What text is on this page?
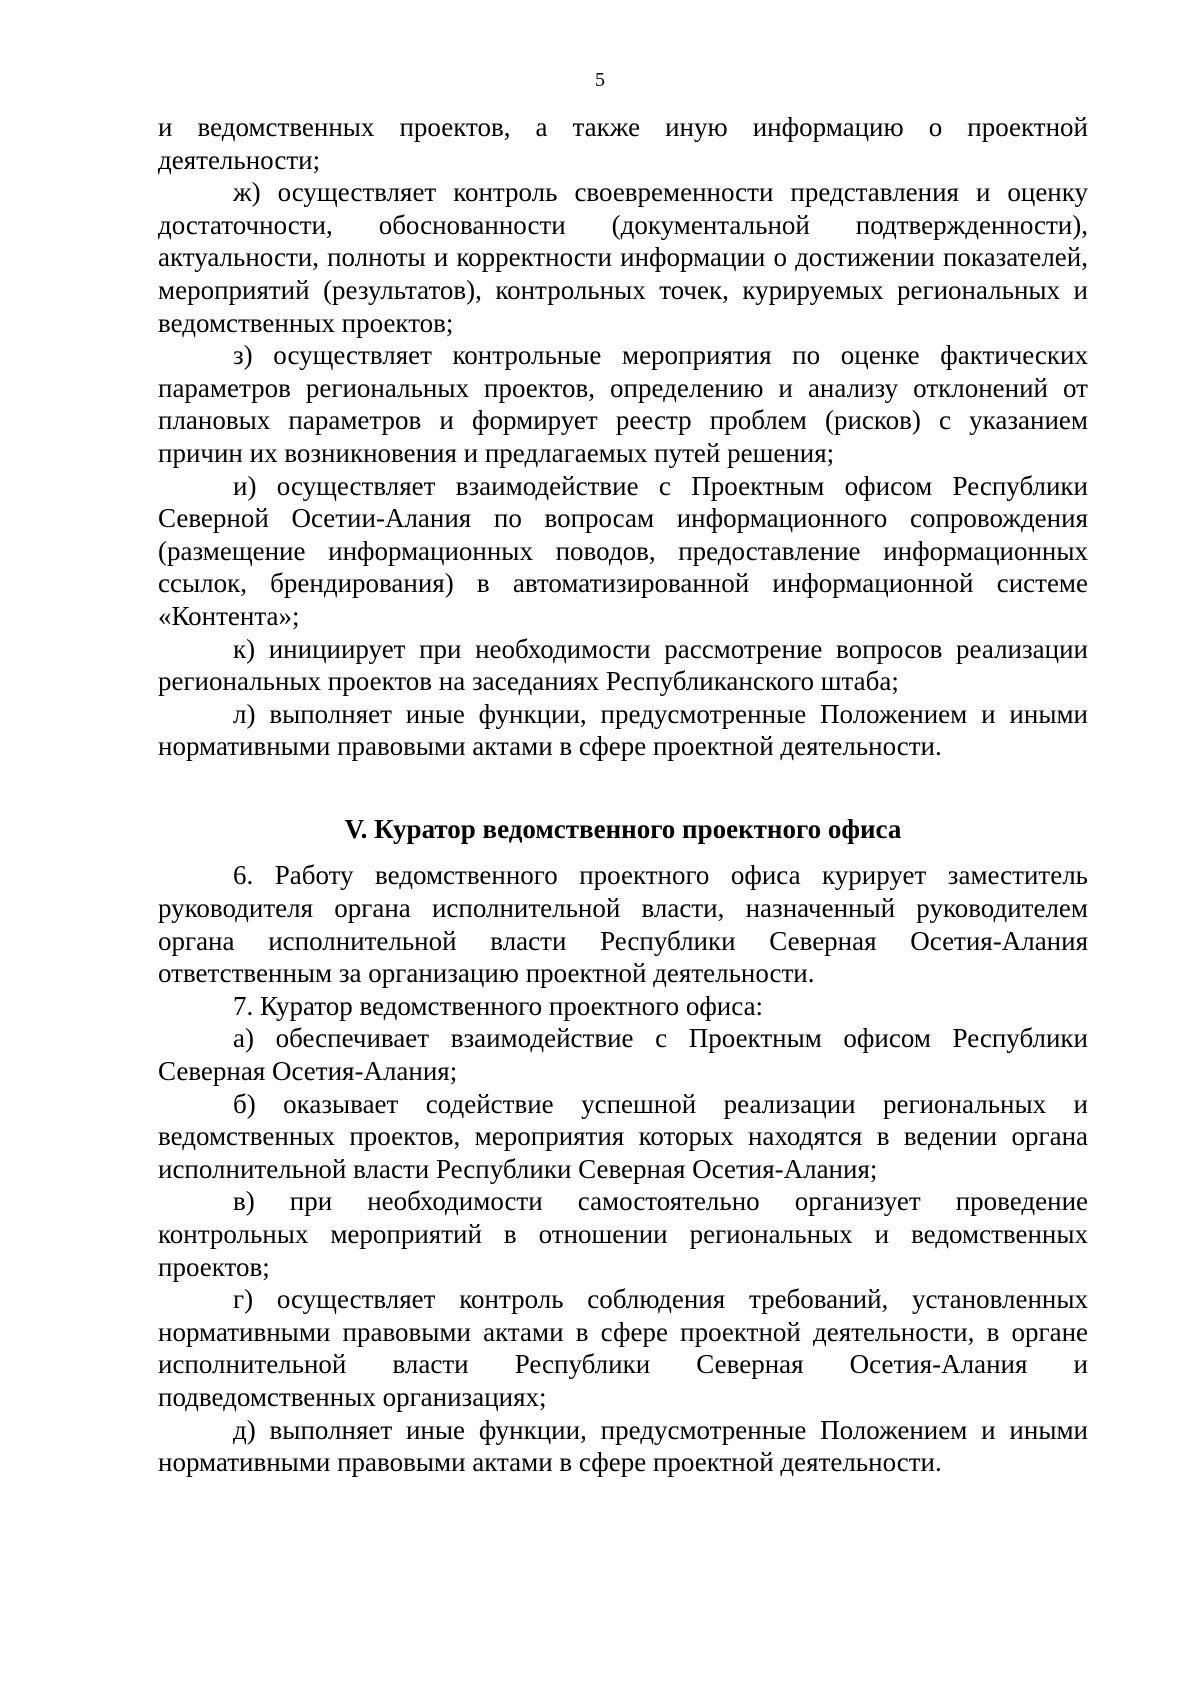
5

и ведомственных проектов, а также иную информацию о проектной деятельности;

ж) осуществляет контроль своевременности представления и оценку достаточности, обоснованности (документальной подтвержденности), актуальности, полноты и корректности информации о достижении показателей, мероприятий (результатов), контрольных точек, курируемых региональных и ведомственных проектов;

з) осуществляет контрольные мероприятия по оценке фактических параметров региональных проектов, определению и анализу отклонений от плановых параметров и формирует реестр проблем (рисков) с указанием причин их возникновения и предлагаемых путей решения;

и) осуществляет взаимодействие с Проектным офисом Республики Северной Осетии-Алания по вопросам информационного сопровождения (размещение информационных поводов, предоставление информационных ссылок, брендирования) в автоматизированной информационной системе «Контента»;

к) инициирует при необходимости рассмотрение вопросов реализации региональных проектов на заседаниях Республиканского штаба;

л) выполняет иные функции, предусмотренные Положением и иными нормативными правовыми актами в сфере проектной деятельности.

V. Куратор ведомственного проектного офиса

6. Работу ведомственного проектного офиса курирует заместитель руководителя органа исполнительной власти, назначенный руководителем органа исполнительной власти Республики Северная Осетия-Алания ответственным за организацию проектной деятельности.

7. Куратор ведомственного проектного офиса:

а) обеспечивает взаимодействие с Проектным офисом Республики Северная Осетия-Алания;

б) оказывает содействие успешной реализации региональных и ведомственных проектов, мероприятия которых находятся в ведении органа исполнительной власти Республики Северная Осетия-Алания;

в) при необходимости самостоятельно организует проведение контрольных мероприятий в отношении региональных и ведомственных проектов;

г) осуществляет контроль соблюдения требований, установленных нормативными правовыми актами в сфере проектной деятельности, в органе исполнительной власти Республики Северная Осетия-Алания и подведомственных организациях;

д) выполняет иные функции, предусмотренные Положением и иными нормативными правовыми актами в сфере проектной деятельности.
